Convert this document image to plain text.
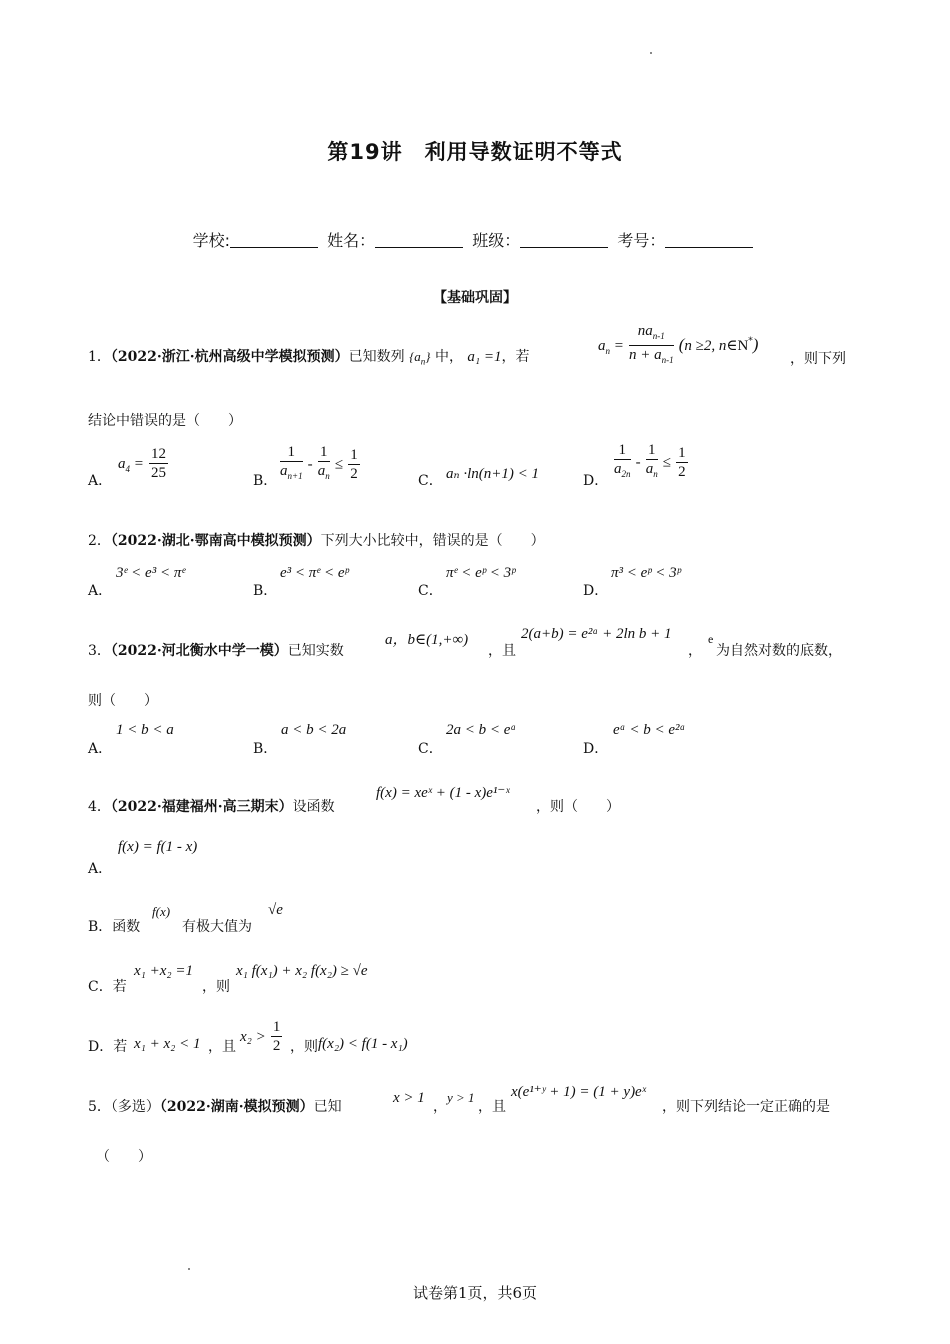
第19讲　利用导数证明不等式
学校:	姓名：	班级：	考号：
【基础巩固】
1．（2022·浙江·杭州高级中学模拟预测）已知数列 $\{a_n\}$ 中， a₁ =1，若
$a_n = \frac{na_{n-1}}{n + a_{n-1}} (n \ge 2$, n∈N*)
，则下列
结论中错误的是（　　）
A．
$a_4 = \frac{12}{25}$	B． $\frac{1}{a_{n+1}} - \frac{1}{a_n} \le \frac{1}{2}$	C． aₙ ·ln(n+1) < 1	D． $\frac{1}{a_{2n}} - \frac{1}{a_n} \le \frac{1}{2}$
2．（2022·湖北·鄂南高中模拟预测）下列大小比较中，错误的是（　　）
A．
3ᵉ < e³ < πᵉ
B．
e³ < πᵉ < eᵖ
C．
πᵉ < eᵖ < 3ᵖ
D．
π³ < eᵖ < 3ᵖ
3．（2022·河北衡水中学一模）已知实数
a，b∈(1,+∞)
，且
2(a+b) = e²ᵃ + 2ln b + 1
，
e
为自然对数的底数，
则（　　）
A．
1 < b < a
B．
a < b < 2a
C．
2a < b < eᵃ
D．
eᵃ < b < e²ᵃ
4．（2022·福建福州·高三期末）设函数
f(x) = xeˣ + (1 - x)e¹⁻ˣ
，则（　　）
A．
f(x) = f(1 - x)
B．函数
f(x)
有极大值为
√e
C．若
x₁ +x₂ =1
，则
x₁ f(x₁) + x₂ f(x₂) ≥ √e
D．若 x₁ + x₂ < 1 ，且
$x_2 > \frac{1}{2}$ ，则 f(x₂) < f(1 - x₁)
5．（多选）（2022·湖南·模拟预测）已知
x > 1
，
y > 1
，且
x(e¹⁺ʸ + 1) = (1 + y)eˣ
，则下列结论一定正确的是
（　　）
试卷第1页，共6页
